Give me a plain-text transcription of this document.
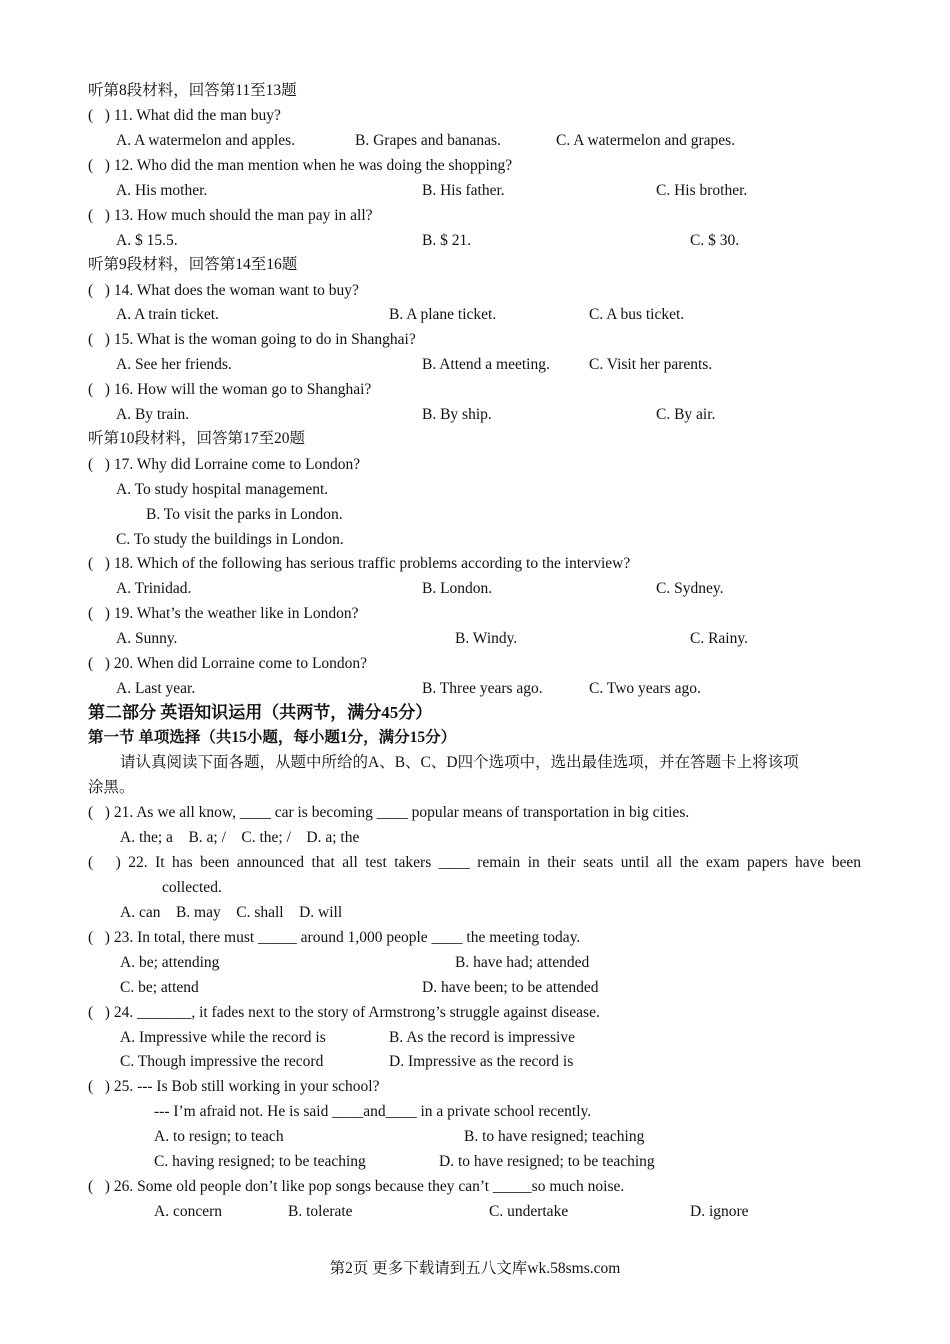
听第8段材料，回答第11至13题
(   ) 11. What did the man buy?
A. A watermelon and apples.	B. Grapes and bananas.	C. A watermelon and grapes.
(   ) 12. Who did the man mention when he was doing the shopping?
A. His mother.	B. His father.	C. His brother.
(   ) 13. How much should the man pay in all?
A. $ 15.5.	B. $ 21.	C. $ 30.
听第9段材料，回答第14至16题
(   ) 14. What does the woman want to buy?
A. A train ticket.	B. A plane ticket.	C. A bus ticket.
(   ) 15. What is the woman going to do in Shanghai?
A. See her friends.	B. Attend a meeting.	C. Visit her parents.
(   ) 16. How will the woman go to Shanghai?
A. By train.	B. By ship.	C. By air.
听第10段材料，回答第17至20题
(   ) 17. Why did Lorraine come to London?
A. To study hospital management.
B. To visit the parks in London.
C. To study the buildings in London.
(   ) 18. Which of the following has serious traffic problems according to the interview?
A. Trinidad.	B. London.	C. Sydney.
(   ) 19. What’s the weather like in London?
A. Sunny.	B. Windy.	C. Rainy.
(   ) 20. When did Lorraine come to London?
A. Last year.	B. Three years ago.	C. Two years ago.
第二部分 英语知识运用（共两节，满分45分）
第一节 单项选择（共15小题，每小题1分，满分15分）
请认真阅读下面各题，从题中所给的A、B、C、D四个选项中，选出最佳选项，并在答题卡上将该项
涂黑。
(   ) 21. As we all know, ____ car is becoming ____ popular means of transportation in big cities.
A. the; a    B. a; /    C. the; /    D. a; the
(   ) 22. It has been announced that all test takers ____ remain in their seats until all the exam papers have been
collected.
A. can    B. may    C. shall    D. will
(   ) 23. In total, there must _____ around 1,000 people ____ the meeting today.
A. be; attending	B. have had; attended
C. be; attend	D. have been; to be attended
(   ) 24. _______, it fades next to the story of Armstrong’s struggle against disease.
A. Impressive while the record is	B. As the record is impressive
C. Though impressive the record	D. Impressive as the record is
(   ) 25. --- Is Bob still working in your school?
--- I’m afraid not. He is said ____and____ in a private school recently.
A. to resign; to teach	B. to have resigned; teaching
C. having resigned; to be teaching	D. to have resigned; to be teaching
(   ) 26. Some old people don’t like pop songs because they can’t _____so much noise.
A. concern	B. tolerate	C. undertake	D. ignore
第2页 更多下载请到五八文库wk.58sms.com
